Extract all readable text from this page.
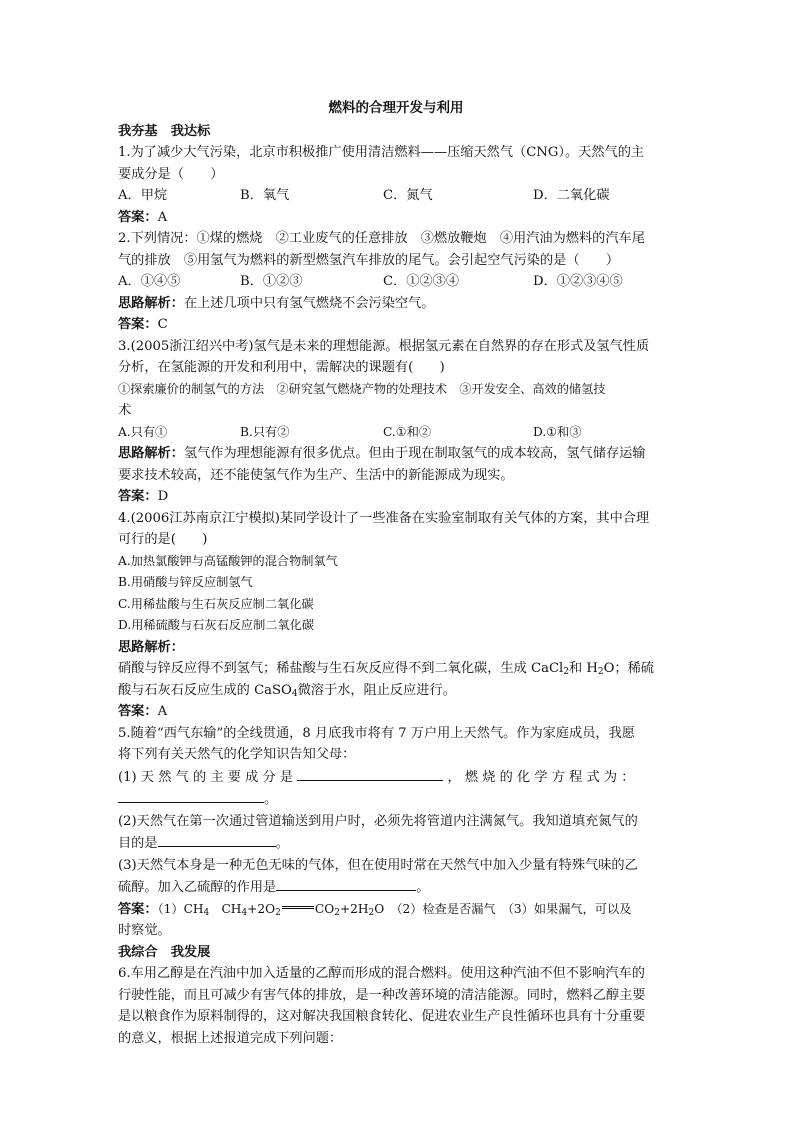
燃料的合理开发与利用

我夯基　我达标

1.为了减少大气污染，北京市积极推广使用清洁燃料——压缩天然气（CNG）。天然气的主

要成分是（　　）

A．甲烷	B．氧气	C．氮气	D．二氧化碳

答案：A

2.下列情况：①煤的燃烧　②工业废气的任意排放　③燃放鞭炮　④用汽油为燃料的汽车尾

气的排放　⑤用氢气为燃料的新型燃氢汽车排放的尾气。会引起空气污染的是（　　）

A．①④⑤	B．①②③	C．①②③④	D．①②③④⑤

思路解析：在上述几项中只有氢气燃烧不会污染空气。

答案：C

3.(2005浙江绍兴中考)氢气是未来的理想能源。根据氢元素在自然界的存在形式及氢气性质

分析，在氢能源的开发和利用中，需解决的课题有(　　)

①探索廉价的制氢气的方法　②研究氢气燃烧产物的处理技术　③开发安全、高效的储氢技

术

A.只有①	B.只有②	C.①和②	D.①和③

思路解析：氢气作为理想能源有很多优点。但由于现在制取氢气的成本较高，氢气储存运输

要求技术较高，还不能使氢气作为生产、生活中的新能源成为现实。

答案：D

4.(2006江苏南京江宁模拟)某同学设计了一些准备在实验室制取有关气体的方案，其中合理

可行的是(　　)

A.加热氯酸钾与高锰酸钾的混合物制氧气

B.用硝酸与锌反应制氢气

C.用稀盐酸与生石灰反应制二氧化碳

D.用稀硫酸与石灰石反应制二氧化碳

思路解析：

硝酸与锌反应得不到氢气；稀盐酸与生石灰反应得不到二氧化碳，生成 CaCl$_2$和 $H_2O$；稀硫

酸与石灰石反应生成的 CaSO$_4$微溶于水，阻止反应进行。

答案：A

5.随着“西气东输”的全线贯通，8 月底我市将有 7 万户用上天然气。作为家庭成员，我愿

将下列有关天然气的化学知识告知父母：

(1) 天 然 气 的 主 要 成 分 是	， 燃 烧 的 化 学 方 程 式 为 ：

。

(2)天然气在第一次通过管道输送到用户时，必须先将管道内注满氮气。我知道填充氮气的

目的是	。

(3)天然气本身是一种无色无味的气体，但在使用时常在天然气中加入少量有特殊气味的乙

硫醇。加入乙硫醇的作用是	。

答案：$(1)CH_4$　$CH_4+2O_2$	$CO_2+2H_2O$　（2）检查是否漏气　（3）如果漏气，可以及

时察觉。

我综合　我发展

6.车用乙醇是在汽油中加入适量的乙醇而形成的混合燃料。使用这种汽油不但不影响汽车的

行驶性能，而且可减少有害气体的排放，是一种改善环境的清洁能源。同时，燃料乙醇主要

是以粮食作为原料制得的，这对解决我国粮食转化、促进农业生产良性循环也具有十分重要

的意义，根据上述报道完成下列问题：
